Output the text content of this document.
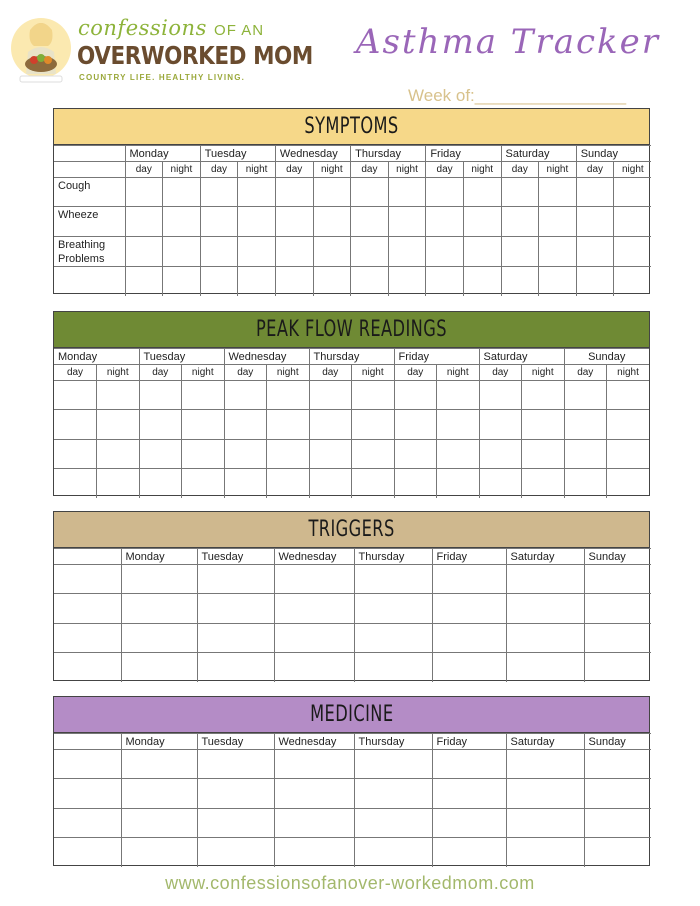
confessions OF AN
OVERWORKED MOM
COUNTRY LIFE. HEALTHY LIVING.
Asthma Tracker
Week of:________________
SYMPTOMS
	Monday		Tuesday		Wednesday		Thursday		Friday		Saturday		Sunday	
	day	night	day	night	day	night	day	night	day	night	day	night	day	night
Cough														
Wheeze														
Breathing Problems														

PEAK FLOW READINGS
Monday		Tuesday		Wednesday		Thursday		Friday		Saturday		Sunday	
day	night	day	night	day	night	day	night	day	night	day	night	day	night

TRIGGERS
	Monday	Tuesday	Wednesday	Thursday	Friday	Saturday	Sunday

MEDICINE
	Monday	Tuesday	Wednesday	Thursday	Friday	Saturday	Sunday

www.confessionsofanover-workedmom.com
